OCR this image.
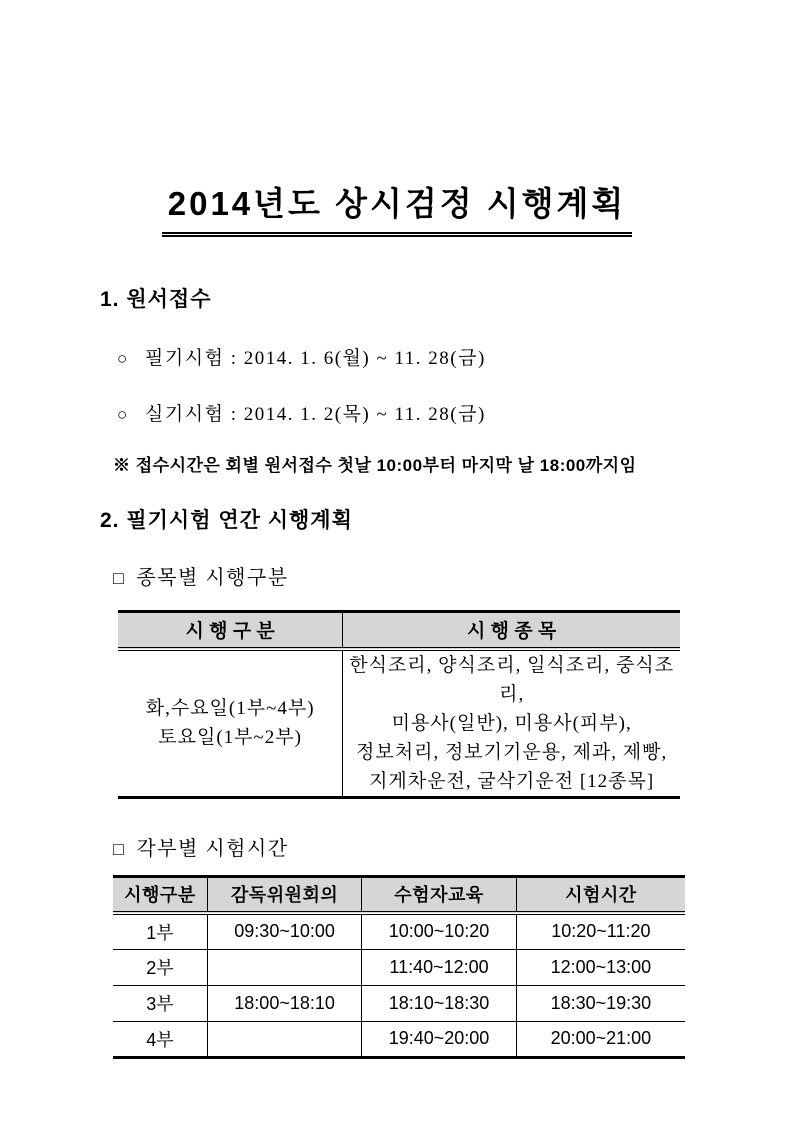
2014년도 상시검정 시행계획
1. 원서접수

○ 필기시험 : 2014. 1. 6(월) ~ 11. 28(금)

○ 실기시험 : 2014. 1. 2(목) ~ 11. 28(금)

※ 접수시간은 회별 원서접수 첫날 10:00부터 마지막 날 18:00까지임

2. 필기시험 연간 시행계획
□ 종목별 시행구분
시 행 구 분	시 행 종 목

화,수요일(1부~4부)
토요일(1부~2부)

한식조리, 양식조리, 일식조리, 중식조리,
미용사(일반), 미용사(피부),
정보처리, 정보기기운용, 제과, 제빵,
지게차운전, 굴삭기운전 [12종목]
□ 각부별 시험시간
시행구분	감독위원회의	수험자교육	시험시간
1부	09:30~10:00	10:00~10:20	10:20~11:20
2부		11:40~12:00	12:00~13:00
3부	18:00~18:10	18:10~18:30	18:30~19:30
4부		19:40~20:00	20:00~21:00
